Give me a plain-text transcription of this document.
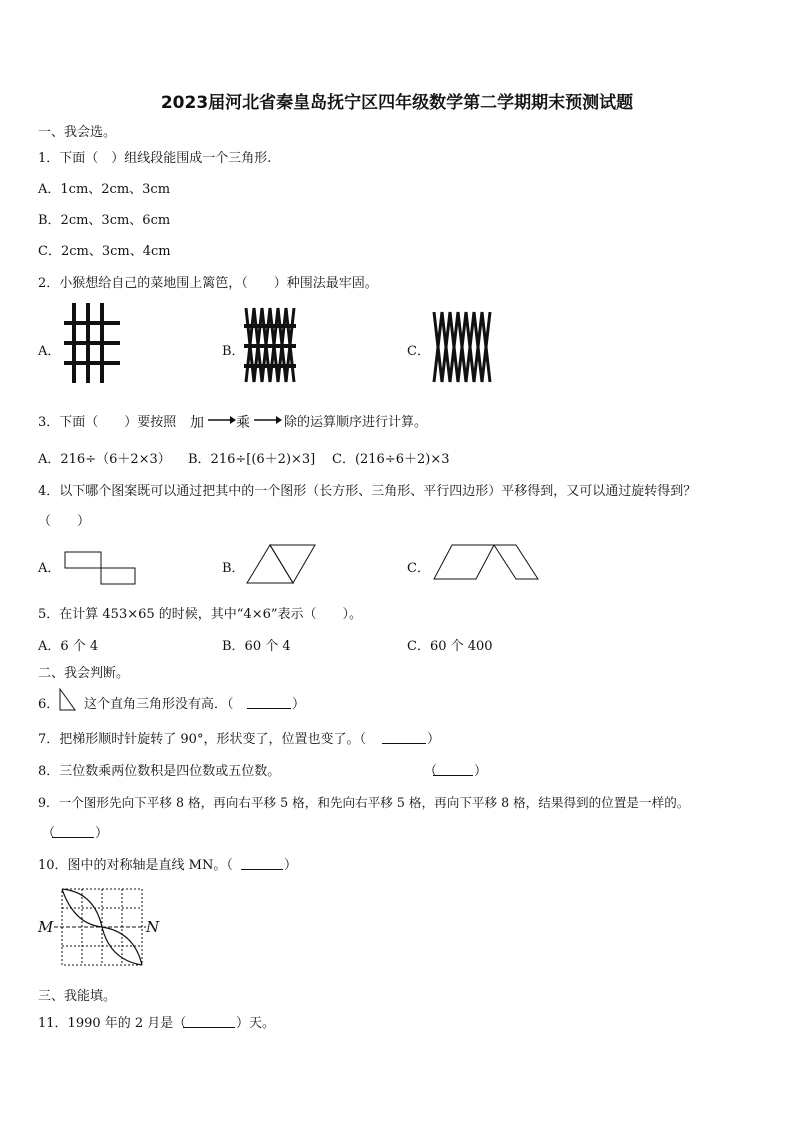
2023届河北省秦皇岛抚宁区四年级数学第二学期期末预测试题
一、我会选。
1．下面（　）组线段能围成一个三角形.
A．1cm、2cm、3cm
B．2cm、3cm、6cm
C．2cm、3cm、4cm
2．小猴想给自己的菜地围上篱笆，（　　）种围法最牢固。
A．	B．	C．
3．下面（　　）要按照 加 乘	除的运算顺序进行计算。
A．216÷（6＋2×3） B．216÷[(6＋2)×3] C．(216÷6＋2)×3
4．以下哪个图案既可以通过把其中的一个图形（长方形、三角形、平行四边形）平移得到，又可以通过旋转得到？
（　　）
A．	B．	C．
5．在计算 453×65 的时候，其中“4×6”表示（　　）。
A．6 个 4	B．60 个 4	C．60 个 400
二、我会判断。
6． 这个直角三角形没有高．（	）
7．把梯形顺时针旋转了 90°，形状变了，位置也变了。（	）
8．三位数乘两位数积是四位数或五位数。	（	）
9．一个图形先向下平移 8 格，再向右平移 5 格，和先向右平移 5 格，再向下平移 8 格，结果得到的位置是一样的。
（	）
10．图中的对称轴是直线 MN。（	）
M	N
三、我能填。
11．1990 年的 2 月是（	）天。
